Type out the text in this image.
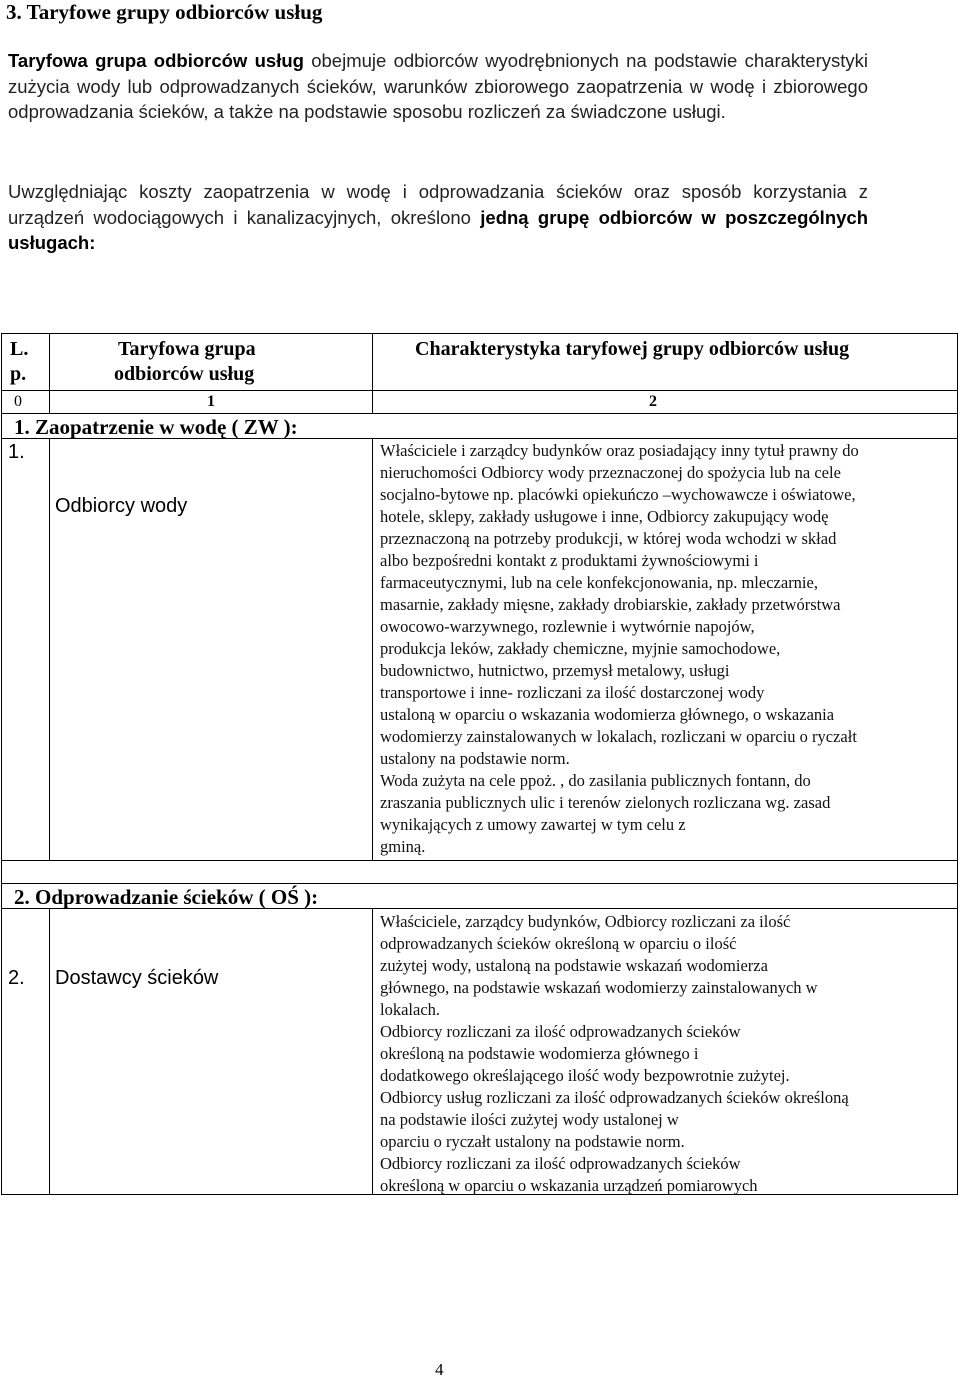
3. Taryfowe grupy odbiorców usług
Taryfowa grupa odbiorców usług obejmuje odbiorców wyodrębnionych na podstawie charakterystyki zużycia wody lub odprowadzanych ścieków, warunków zbiorowego zaopatrzenia w wodę i zbiorowego odprowadzania ścieków, a także na podstawie sposobu rozliczeń za świadczone usługi.
Uwzględniając koszty zaopatrzenia w wodę i odprowadzania ścieków oraz sposób korzystania z urządzeń wodociągowych i kanalizacyjnych, określono jedną grupę odbiorców w poszczególnych usługach:
L.
p.
Taryfowa grupa
odbiorców usług
Charakterystyka taryfowej grupy odbiorców usług
0	1	2
1. Zaopatrzenie w wodę ( ZW ):
1.
Odbiorcy wody
Właściciele i zarządcy budynków oraz posiadający inny tytuł prawny do
nieruchomości Odbiorcy wody przeznaczonej do spożycia lub na cele
socjalno-bytowe np. placówki opiekuńczo –wychowawcze i oświatowe,
hotele, sklepy, zakłady usługowe i inne, Odbiorcy zakupujący wodę
przeznaczoną na potrzeby produkcji, w której woda wchodzi w skład
albo bezpośredni kontakt z produktami żywnościowymi i
farmaceutycznymi, lub na cele konfekcjonowania, np. mleczarnie,
masarnie, zakłady mięsne, zakłady drobiarskie, zakłady przetwórstwa
owocowo-warzywnego, rozlewnie i wytwórnie napojów,
produkcja leków, zakłady chemiczne, myjnie samochodowe,
budownictwo, hutnictwo, przemysł metalowy, usługi
transportowe i inne- rozliczani za ilość dostarczonej wody
ustaloną w oparciu o wskazania wodomierza głównego, o wskazania
wodomierzy zainstalowanych w lokalach, rozliczani w oparciu o ryczałt
ustalony na podstawie norm.
Woda zużyta na cele ppoż. , do zasilania publicznych fontann, do
zraszania publicznych ulic i terenów zielonych rozliczana wg. zasad
wynikających z umowy zawartej w tym celu z
gminą.
2. Odprowadzanie ścieków ( OŚ ):
2. Dostawcy ścieków
Właściciele, zarządcy budynków, Odbiorcy rozliczani za ilość
odprowadzanych ścieków określoną w oparciu o ilość
zużytej wody, ustaloną na podstawie wskazań wodomierza
głównego, na podstawie wskazań wodomierzy zainstalowanych w
lokalach.
Odbiorcy rozliczani za ilość odprowadzanych ścieków
określoną na podstawie wodomierza głównego i
dodatkowego określającego ilość wody bezpowrotnie zużytej.
Odbiorcy usług rozliczani za ilość odprowadzanych ścieków określoną
na podstawie ilości zużytej wody ustalonej w
oparciu o ryczałt ustalony na podstawie norm.
Odbiorcy rozliczani za ilość odprowadzanych ścieków
określoną w oparciu o wskazania urządzeń pomiarowych
4
